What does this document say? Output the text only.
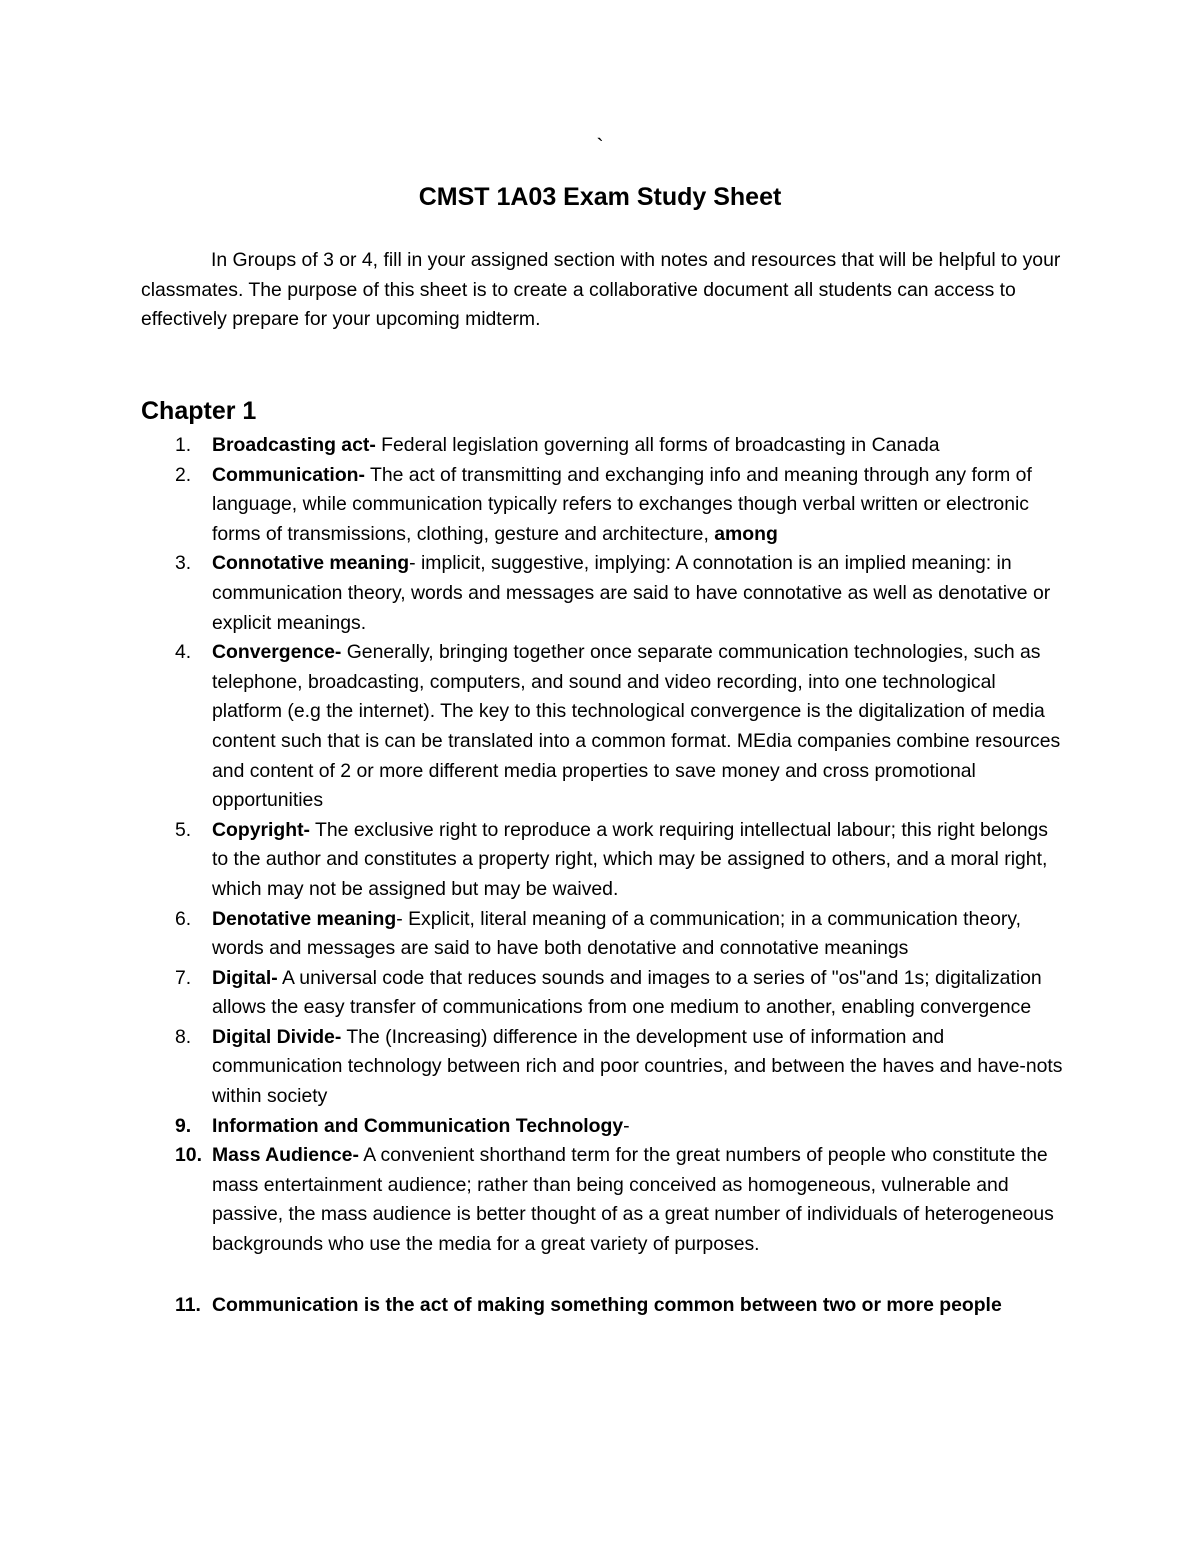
`
CMST 1A03 Exam Study Sheet

In Groups of 3 or 4, fill in your assigned section with notes and resources that will be helpful to your classmates. The purpose of this sheet is to create a collaborative document all students can access to effectively prepare for your upcoming midterm.

Chapter 1
1. Broadcasting act- Federal legislation governing all forms of broadcasting in Canada
2. Communication- The act of transmitting and exchanging info and meaning through any form of language, while communication typically refers to exchanges though verbal written or electronic forms of transmissions, clothing, gesture and architecture, among
3. Connotative meaning- implicit, suggestive, implying: A connotation is an implied meaning: in communication theory, words and messages are said to have connotative as well as denotative or explicit meanings.
4. Convergence- Generally, bringing together once separate communication technologies, such as telephone, broadcasting, computers, and sound and video recording, into one technological platform (e.g the internet). The key to this technological convergence is the digitalization of media content such that is can be translated into a common format. MEdia companies combine resources and content of 2 or more different media properties to save money and cross promotional opportunities
5. Copyright- The exclusive right to reproduce a work requiring intellectual labour; this right belongs to the author and constitutes a property right, which may be assigned to others, and a moral right, which may not be assigned but may be waived.
6. Denotative meaning- Explicit, literal meaning of a communication; in a communication theory, words and messages are said to have both denotative and connotative meanings
7. Digital- A universal code that reduces sounds and images to a series of "os"and 1s; digitalization allows the easy transfer of communications from one medium to another, enabling convergence
8. Digital Divide- The (Increasing) difference in the development use of information and communication technology between rich and poor countries, and between the haves and have-nots within society
9. Information and Communication Technology-
10. Mass Audience- A convenient shorthand term for the great numbers of people who constitute the mass entertainment audience; rather than being conceived as homogeneous, vulnerable and passive, the mass audience is better thought of as a great number of individuals of heterogeneous backgrounds who use the media for a great variety of purposes.
11. Communication is the act of making something common between two or more people
